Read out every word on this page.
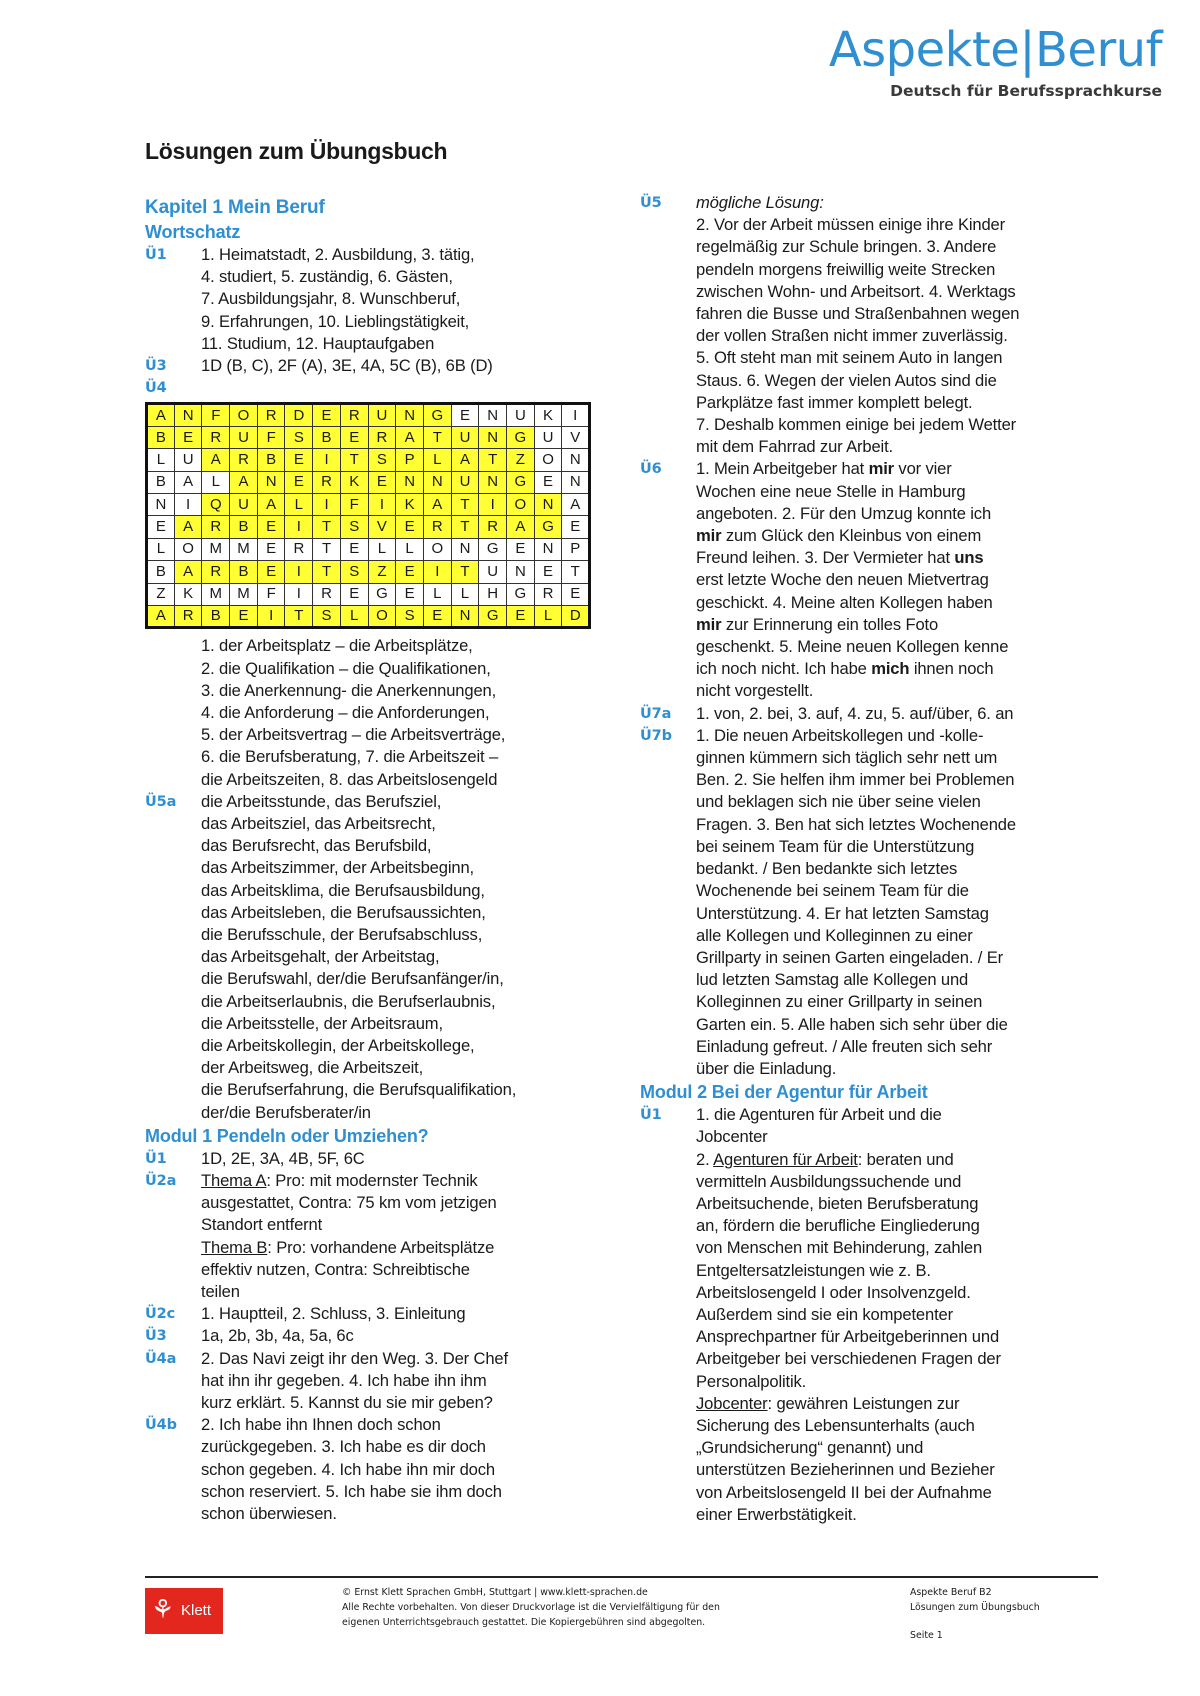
Aspekte|Beruf
Deutsch für Berufssprachkurse
Lösungen zum Übungsbuch
Kapitel 1 Mein Beruf
Wortschatz
Ü1	1. Heimatstadt, 2. Ausbildung, 3. tätig,

4. studiert, 5. zuständig, 6. Gästen,

7. Ausbildungsjahr, 8. Wunschberuf,

9. Erfahrungen, 10. Lieblingstätigkeit,

11. Studium, 12. Hauptaufgaben

Ü3	1D (B, C), 2F (A), 3E, 4A, 5C (B), 6B (D)
Ü4
A	N	F	O	R	D	E	R	U	N	G	E	N	U	K	I
B	E	R	U	F	S	B	E	R	A	T	U	N	G	U	V
L	U	A	R	B	E	I	T	S	P	L	A	T	Z	O	N
B	A	L	A	N	E	R	K	E	N	N	U	N	G	E	N
N	I	Q	U	A	L	I	F	I	K	A	T	I	O	N	A
E	A	R	B	E	I	T	S	V	E	R	T	R	A	G	E
L	O	M	M	E	R	T	E	L	L	O	N	G	E	N	P
B	A	R	B	E	I	T	S	Z	E	I	T	U	N	E	T
Z	K	M	M	F	I	R	E	G	E	L	L	H	G	R	E
A	R	B	E	I	T	S	L	O	S	E	N	G	E	L	D

1. der Arbeitsplatz – die Arbeitsplätze,

2. die Qualifikation – die Qualifikationen,

3. die Anerkennung- die Anerkennungen,

4. die Anforderung – die Anforderungen,

5. der Arbeitsvertrag – die Arbeitsverträge,

6. die Berufsberatung, 7. die Arbeitszeit –

die Arbeitszeiten, 8. das Arbeitslosengeld

Ü5a	die Arbeitsstunde, das Berufsziel,

das Arbeitsziel, das Arbeitsrecht,

das Berufsrecht, das Berufsbild,

das Arbeitszimmer, der Arbeitsbeginn,

das Arbeitsklima, die Berufsausbildung,

das Arbeitsleben, die Berufsaussichten,

die Berufsschule, der Berufsabschluss,

das Arbeitsgehalt, der Arbeitstag,

die Berufswahl, der/die Berufsanfänger/in,

die Arbeitserlaubnis, die Berufserlaubnis,

die Arbeitsstelle, der Arbeitsraum,

die Arbeitskollegin, der Arbeitskollege,

der Arbeitsweg, die Arbeitszeit,

die Berufserfahrung, die Berufsqualifikation,

der/die Berufsberater/in

Modul 1 Pendeln oder Umziehen?
Ü1	1D, 2E, 3A, 4B, 5F, 6C
Ü2a	Thema A: Pro: mit modernster Technik

ausgestattet, Contra: 75 km vom jetzigen

Standort entfernt

Thema B: Pro: vorhandene Arbeitsplätze

effektiv nutzen, Contra: Schreibtische

teilen

Ü2c	1. Hauptteil, 2. Schluss, 3. Einleitung
Ü3	1a, 2b, 3b, 4a, 5a, 6c
Ü4a	2. Das Navi zeigt ihr den Weg. 3. Der Chef

hat ihn ihr gegeben. 4. Ich habe ihn ihm

kurz erklärt. 5. Kannst du sie mir geben?

Ü4b	2. Ich habe ihn Ihnen doch schon

zurückgegeben. 3. Ich habe es dir doch

schon gegeben. 4. Ich habe ihn mir doch

schon reserviert. 5. Ich habe sie ihm doch

schon überwiesen.

Ü5	mögliche Lösung:

2. Vor der Arbeit müssen einige ihre Kinder

regelmäßig zur Schule bringen. 3. Andere

pendeln morgens freiwillig weite Strecken

zwischen Wohn- und Arbeitsort. 4. Werktags

fahren die Busse und Straßenbahnen wegen

der vollen Straßen nicht immer zuverlässig.

5. Oft steht man mit seinem Auto in langen

Staus. 6. Wegen der vielen Autos sind die

Parkplätze fast immer komplett belegt.

7. Deshalb kommen einige bei jedem Wetter

mit dem Fahrrad zur Arbeit.

Ü6	1. Mein Arbeitgeber hat mir vor vier

Wochen eine neue Stelle in Hamburg

angeboten. 2. Für den Umzug konnte ich

mir zum Glück den Kleinbus von einem

Freund leihen. 3. Der Vermieter hat uns

erst letzte Woche den neuen Mietvertrag

geschickt. 4. Meine alten Kollegen haben

mir zur Erinnerung ein tolles Foto

geschenkt. 5. Meine neuen Kollegen kenne

ich noch nicht. Ich habe mich ihnen noch

nicht vorgestellt.

Ü7a	1. von, 2. bei, 3. auf, 4. zu, 5. auf/über, 6. an
Ü7b	1. Die neuen Arbeitskollegen und -kolle-

ginnen kümmern sich täglich sehr nett um

Ben. 2. Sie helfen ihm immer bei Problemen

und beklagen sich nie über seine vielen

Fragen. 3. Ben hat sich letztes Wochenende

bei seinem Team für die Unterstützung

bedankt. / Ben bedankte sich letztes

Wochenende bei seinem Team für die

Unterstützung. 4. Er hat letzten Samstag

alle Kollegen und Kolleginnen zu einer

Grillparty in seinen Garten eingeladen. / Er

lud letzten Samstag alle Kollegen und

Kolleginnen zu einer Grillparty in seinen

Garten ein. 5. Alle haben sich sehr über die

Einladung gefreut. / Alle freuten sich sehr

über die Einladung.

Modul 2 Bei der Agentur für Arbeit
Ü1	1. die Agenturen für Arbeit und die

Jobcenter

2. Agenturen für Arbeit: beraten und

vermitteln Ausbildungssuchende und

Arbeitsuchende, bieten Berufsberatung

an, fördern die berufliche Eingliederung

von Menschen mit Behinderung, zahlen

Entgeltersatzleistungen wie z. B.

Arbeitslosengeld I oder Insolvenzgeld.

Außerdem sind sie ein kompetenter

Ansprechpartner für Arbeitgeberinnen und

Arbeitgeber bei verschiedenen Fragen der

Personalpolitik.

Jobcenter: gewähren Leistungen zur

Sicherung des Lebensunterhalts (auch

„Grundsicherung“ genannt) und

unterstützen Bezieherinnen und Bezieher

von Arbeitslosengeld II bei der Aufnahme

einer Erwerbstätigkeit.

⚘ Klett

© Ernst Klett Sprachen GmbH, Stuttgart | www.klett-sprachen.de

Alle Rechte vorbehalten. Von dieser Druckvorlage ist die Vervielfältigung für den

eigenen Unterrichtsgebrauch gestattet. Die Kopiergebühren sind abgegolten.

Aspekte Beruf B2

Lösungen zum Übungsbuch

Seite 1
